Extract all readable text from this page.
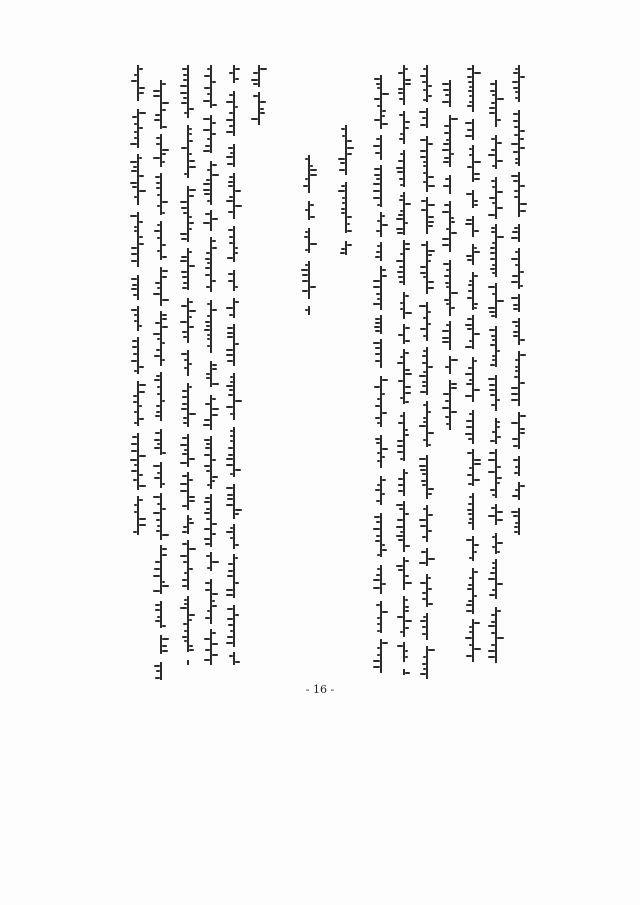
- 16 -
